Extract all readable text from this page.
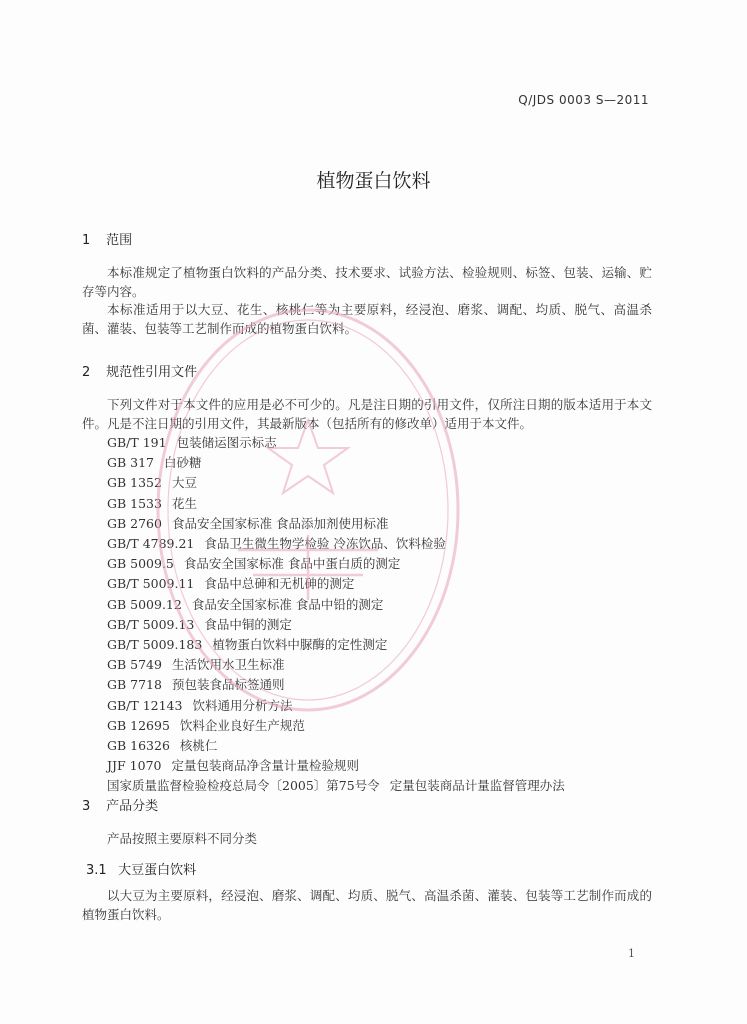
Q/JDS 0003 S—2011
植物蛋白饮料
1 范围
本标准规定了植物蛋白饮料的产品分类、技术要求、试验方法、检验规则、标签、包装、运输、贮存等内容。
本标准适用于以大豆、花生、核桃仁等为主要原料，经浸泡、磨浆、调配、均质、脱气、高温杀菌、灌装、包装等工艺制作而成的植物蛋白饮料。
2 规范性引用文件
下列文件对于本文件的应用是必不可少的。凡是注日期的引用文件，仅所注日期的版本适用于本文件。凡是不注日期的引用文件，其最新版本（包括所有的修改单）适用于本文件。
GB/T 191 包装储运图示标志
GB 317 白砂糖
GB 1352 大豆
GB 1533 花生
GB 2760 食品安全国家标准 食品添加剂使用标准
GB/T 4789.21 食品卫生微生物学检验 冷冻饮品、饮料检验
GB 5009.5 食品安全国家标准 食品中蛋白质的测定
GB/T 5009.11 食品中总砷和无机砷的测定
GB 5009.12 食品安全国家标准 食品中铅的测定
GB/T 5009.13 食品中铜的测定
GB/T 5009.183 植物蛋白饮料中脲酶的定性测定
GB 5749 生活饮用水卫生标准
GB 7718 预包装食品标签通则
GB/T 12143 饮料通用分析方法
GB 12695 饮料企业良好生产规范
GB 16326 核桃仁
JJF 1070 定量包装商品净含量计量检验规则
国家质量监督检验检疫总局令〔2005〕第75号令 定量包装商品计量监督管理办法
3 产品分类
产品按照主要原料不同分类
3.1 大豆蛋白饮料
以大豆为主要原料，经浸泡、磨浆、调配、均质、脱气、高温杀菌、灌装、包装等工艺制作而成的植物蛋白饮料。
1
